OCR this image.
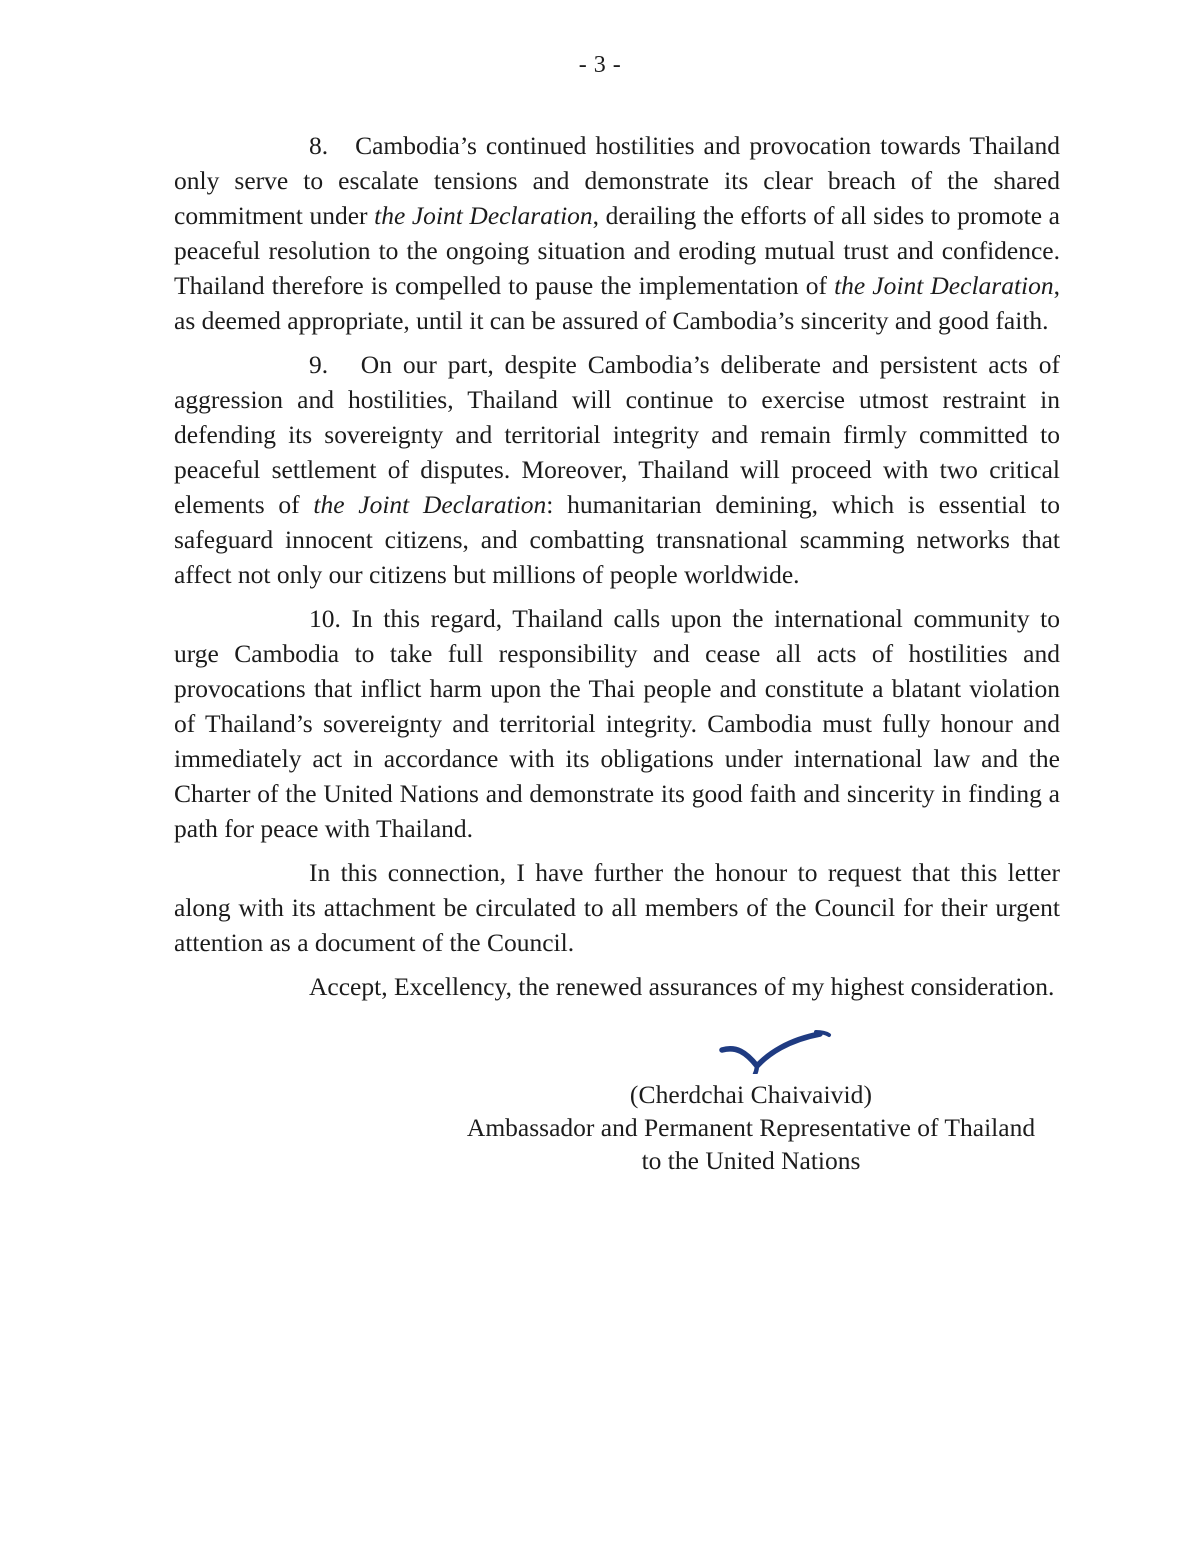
- 3 -

8.   Cambodia’s continued hostilities and provocation towards Thailand only serve to escalate tensions and demonstrate its clear breach of the shared commitment under the Joint Declaration, derailing the efforts of all sides to promote a peaceful resolution to the ongoing situation and eroding mutual trust and confidence. Thailand therefore is compelled to pause the implementation of the Joint Declaration, as deemed appropriate, until it can be assured of Cambodia’s sincerity and good faith.

9.   On our part, despite Cambodia’s deliberate and persistent acts of aggression and hostilities, Thailand will continue to exercise utmost restraint in defending its sovereignty and territorial integrity and remain firmly committed to peaceful settlement of disputes. Moreover, Thailand will proceed with two critical elements of the Joint Declaration: humanitarian demining, which is essential to safeguard innocent citizens, and combatting transnational scamming networks that affect not only our citizens but millions of people worldwide.

10. In this regard, Thailand calls upon the international community to urge Cambodia to take full responsibility and cease all acts of hostilities and provocations that inflict harm upon the Thai people and constitute a blatant violation of Thailand’s sovereignty and territorial integrity. Cambodia must fully honour and immediately act in accordance with its obligations under international law and the Charter of the United Nations and demonstrate its good faith and sincerity in finding a path for peace with Thailand.

In this connection, I have further the honour to request that this letter along with its attachment be circulated to all members of the Council for their urgent attention as a document of the Council.

Accept, Excellency, the renewed assurances of my highest consideration.

(Cherdchai Chaivaivid)
Ambassador and Permanent Representative of Thailand
to the United Nations
